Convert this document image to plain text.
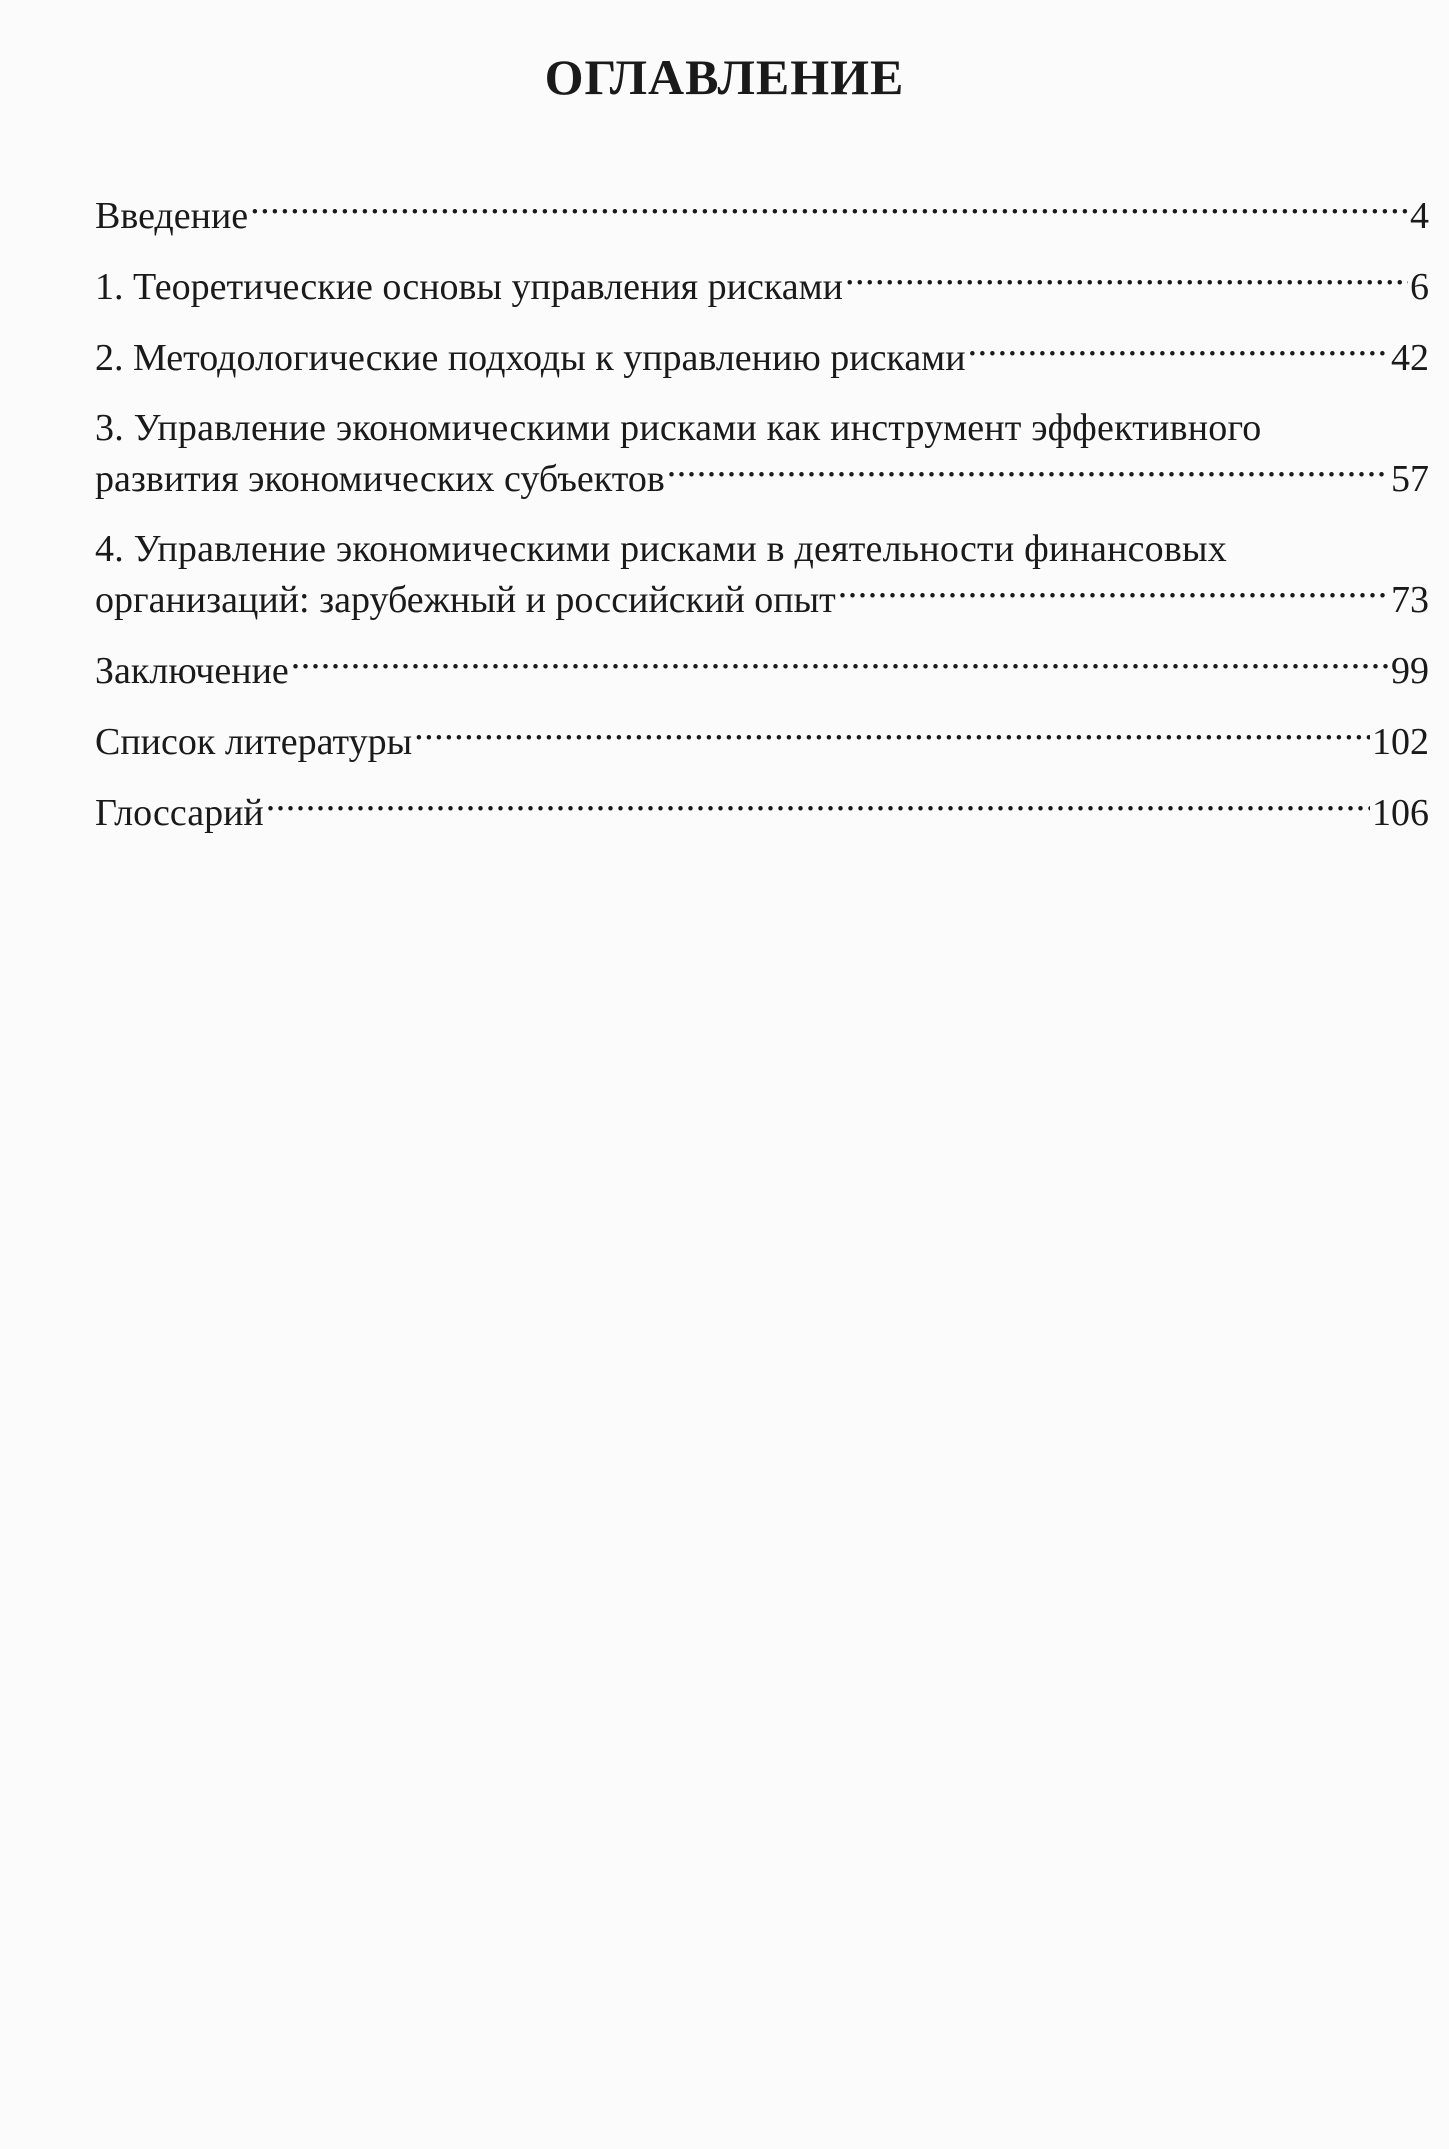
ОГЛАВЛЕНИЕ
Введение .....	4
1. Теоретические основы управления рисками .....	6
2. Методологические подходы к управлению рисками .....	42
3. Управление экономическими рисками как инструмент эффективного
развития экономических субъектов .....	57
4. Управление экономическими рисками в деятельности финансовых
организаций: зарубежный и российский опыт .....	73
Заключение .....	99
Список литературы .....	102
Глоссарий .....	106
